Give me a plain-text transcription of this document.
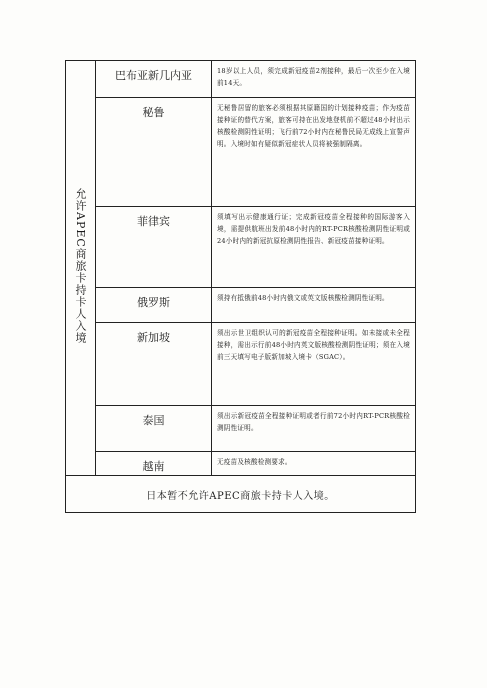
允许APEC商旅卡持卡人入境	巴布亚新几内亚	18岁以上人员，须完成新冠疫苗2剂接种，最后一次至少在入境前14天。
	秘鲁	无秘鲁居留的旅客必须根据其原籍国的计划接种疫苗；作为疫苗接种证的替代方案，旅客可持在出发地登机前不超过48小时出示核酸检测阴性证明；飞行前72小时内在秘鲁民局无成线上宣誓声明。入境时如有疑似新冠症状人员将被强制隔离。
	菲律宾	须填写出示健康通行证；完成新冠疫苗全程接种的国际游客入境，需提供航班出发前48小时内的RT-PCR核酸检测阴性证明或24小时内的新冠抗原检测阴性报告、新冠疫苗接种证明。
	俄罗斯	须持有抵俄前48小时内俄文或英文版核酸检测阴性证明。
	新加坡	须出示世卫组织认可的新冠疫苗全程接种证明。如未接或未全程接种，需出示行前48小时内英文版核酸检测阴性证明；须在入境前三天填写电子版新加坡入境卡（SGAC）。
	泰国	须出示新冠疫苗全程接种证明或者行前72小时内RT-PCR核酸检测阴性证明。
	越南	无疫苗及核酸检测要求。
日本暂不允许APEC商旅卡持卡人入境。		
